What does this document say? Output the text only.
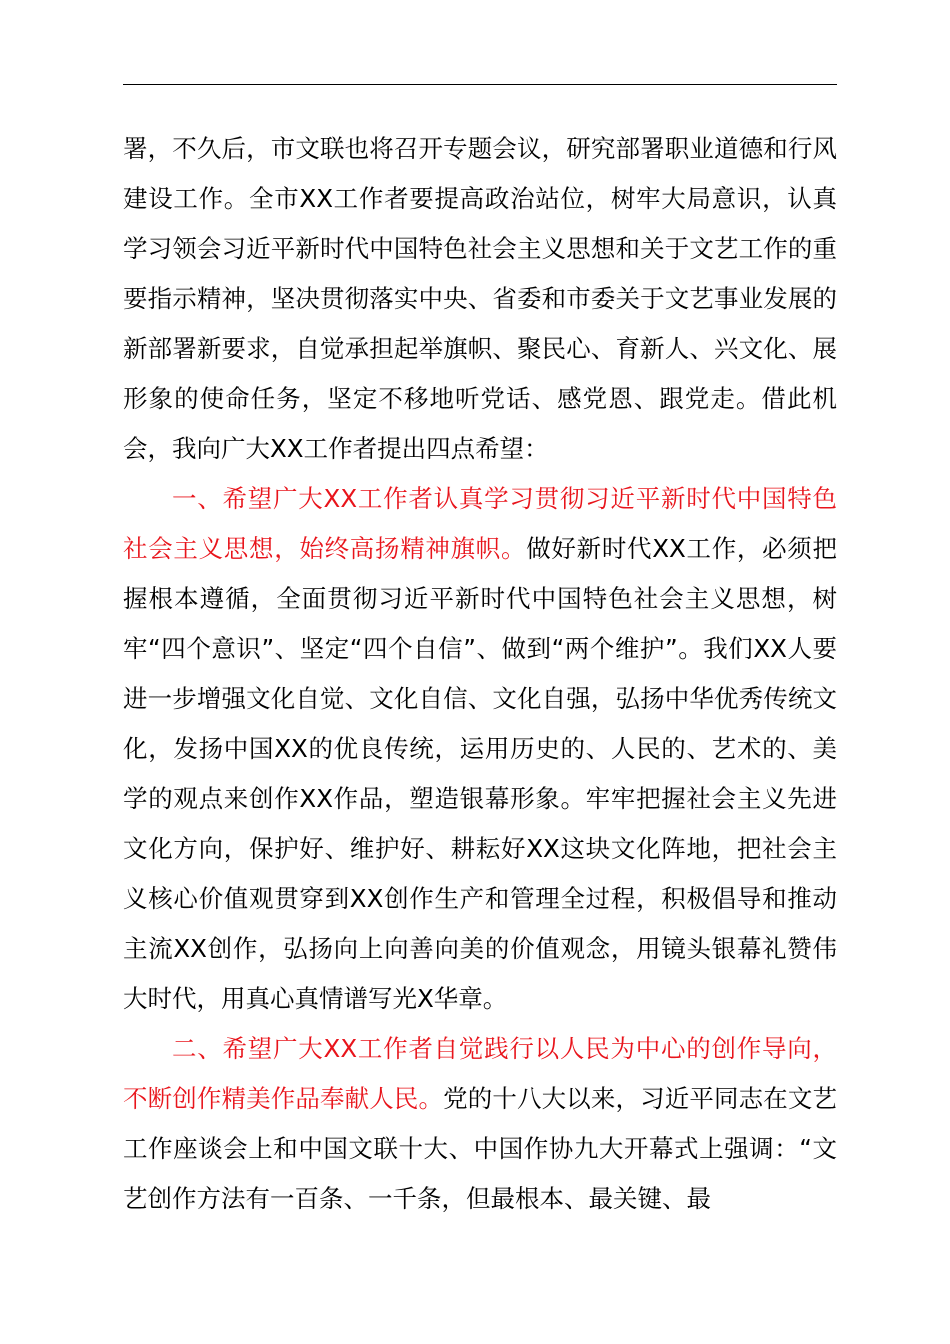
署，不久后，市文联也将召开专题会议，研究部署职业道德和行风建设工作。全市XX工作者要提高政治站位，树牢大局意识，认真学习领会习近平新时代中国特色社会主义思想和关于文艺工作的重要指示精神，坚决贯彻落实中央、省委和市委关于文艺事业发展的新部署新要求，自觉承担起举旗帜、聚民心、育新人、兴文化、展形象的使命任务，坚定不移地听党话、感党恩、跟党走。借此机会，我向广大XX工作者提出四点希望：

一、希望广大XX工作者认真学习贯彻习近平新时代中国特色社会主义思想，始终高扬精神旗帜。做好新时代XX工作，必须把握根本遵循，全面贯彻习近平新时代中国特色社会主义思想，树牢“四个意识”、坚定“四个自信”、做到“两个维护”。我们XX人要进一步增强文化自觉、文化自信、文化自强，弘扬中华优秀传统文化，发扬中国XX的优良传统，运用历史的、人民的、艺术的、美学的观点来创作XX作品，塑造银幕形象。牢牢把握社会主义先进文化方向，保护好、维护好、耕耘好XX这块文化阵地，把社会主义核心价值观贯穿到XX创作生产和管理全过程，积极倡导和推动主流XX创作，弘扬向上向善向美的价值观念，用镜头银幕礼赞伟大时代，用真心真情谱写光X华章。

二、希望广大XX工作者自觉践行以人民为中心的创作导向，不断创作精美作品奉献人民。党的十八大以来，习近平同志在文艺工作座谈会上和中国文联十大、中国作协九大开幕式上强调：“文艺创作方法有一百条、一千条，但最根本、最关键、最
